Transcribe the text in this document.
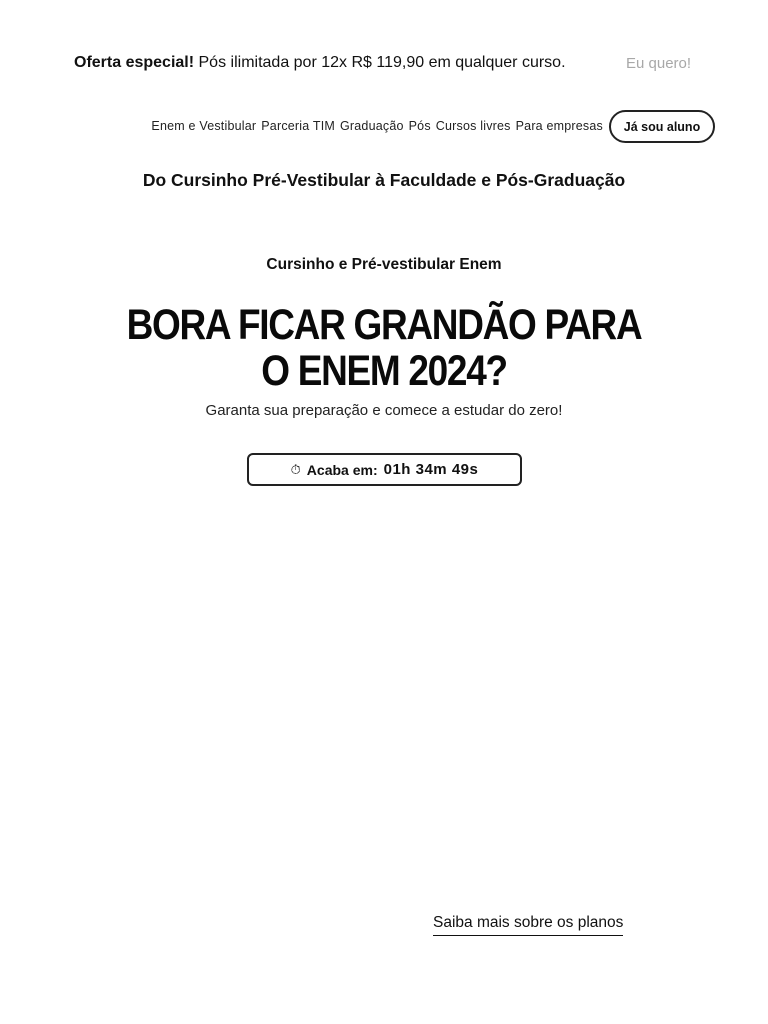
Oferta especial! Pós ilimitada por 12x R$ 119,90 em qualquer curso.	Eu quero!
Enem e Vestibular Parceria TIM Graduação Pós Cursos livres Para empresas	Já sou aluno
Do Cursinho Pré-Vestibular à Faculdade e Pós-Graduação
Cursinho e Pré-vestibular Enem
BORA FICAR GRANDÃO PARA O ENEM 2024?
Garanta sua preparação e comece a estudar do zero!
⏱ Acaba em: 01h 34m 49s
Saiba mais sobre os planos
